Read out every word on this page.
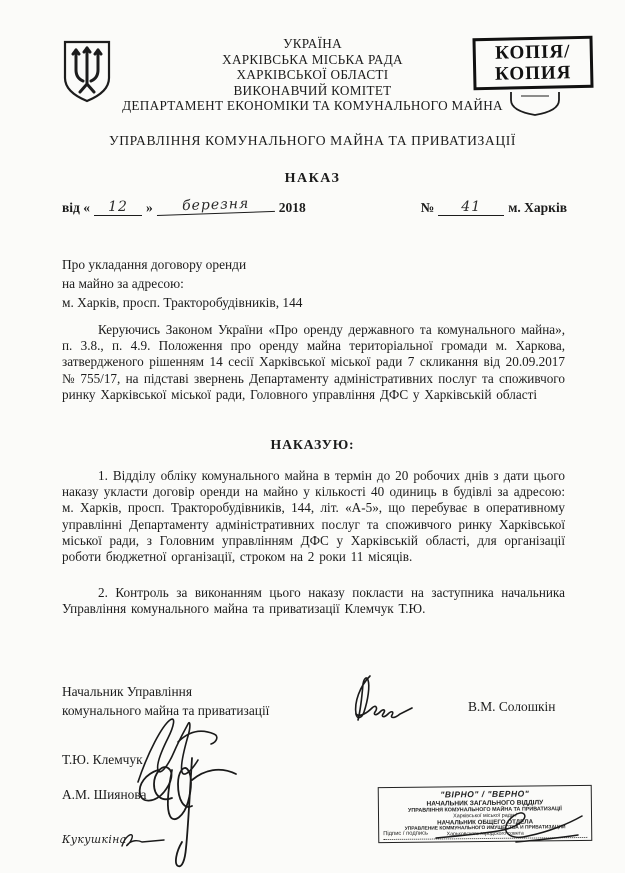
КОПІЯ/
КОПИЯ
УКРАЇНА
ХАРКІВСЬКА МІСЬКА РАДА
ХАРКІВСЬКОЇ ОБЛАСТІ
ВИКОНАВЧИЙ КОМІТЕТ
ДЕПАРТАМЕНТ ЕКОНОМІКИ ТА КОМУНАЛЬНОГО МАЙНА
УПРАВЛІННЯ КОМУНАЛЬНОГО МАЙНА ТА ПРИВАТИЗАЦІЇ
НАКАЗ
від «	12	»	березня	2018	№	41	м. Харків
Про укладання договору оренди
на майно за адресою:
м. Харків, просп. Тракторобудівників, 144
Керуючись Законом України «Про оренду державного та комунального майна», п. 3.8., п. 4.9. Положення про оренду майна територіальної громади м. Харкова, затвердженого рішенням 14 сесії Харківської міської ради 7 скликання від 20.09.2017 № 755/17, на підставі звернень Департаменту адміністративних послуг та споживчого ринку Харківської міської ради, Головного управління ДФС у Харківській області
НАКАЗУЮ:
1. Відділу обліку комунального майна в термін до 20 робочих днів з дати цього наказу укласти договір оренди на майно у кількості 40 одиниць в будівлі за адресою: м. Харків, просп. Тракторобудівників, 144, літ. «А-5», що перебуває в оперативному управлінні Департаменту адміністративних послуг та споживчого ринку Харківської міської ради, з Головним управлінням ДФС у Харківській області, для організації роботи бюджетної організації, строком на 2 роки 11 місяців.
2. Контроль за виконанням цього наказу покласти на заступника начальника Управління комунального майна та приватизації Клемчук Т.Ю.
Начальник Управління
комунального майна та приватизації	В.М. Солошкін
Т.Ю. Клемчук
А.М. Шиянова
Кукушкіна
"ВІРНО" / "ВЕРНО"
НАЧАЛЬНИК ЗАГАЛЬНОГО ВІДДІЛУ
УПРАВЛІННЯ КОМУНАЛЬНОГО МАЙНА ТА ПРИВАТИЗАЦІЇ
Харківської міської ради /
НАЧАЛЬНИК ОБЩЕГО ОТДЕЛА
УПРАВЛЕНИЕ КОММУНАЛЬНОГО ИМУЩЕСТВА И ПРИВАТИЗАЦИИ
Харьковского городского совета
Підпис / подпись
